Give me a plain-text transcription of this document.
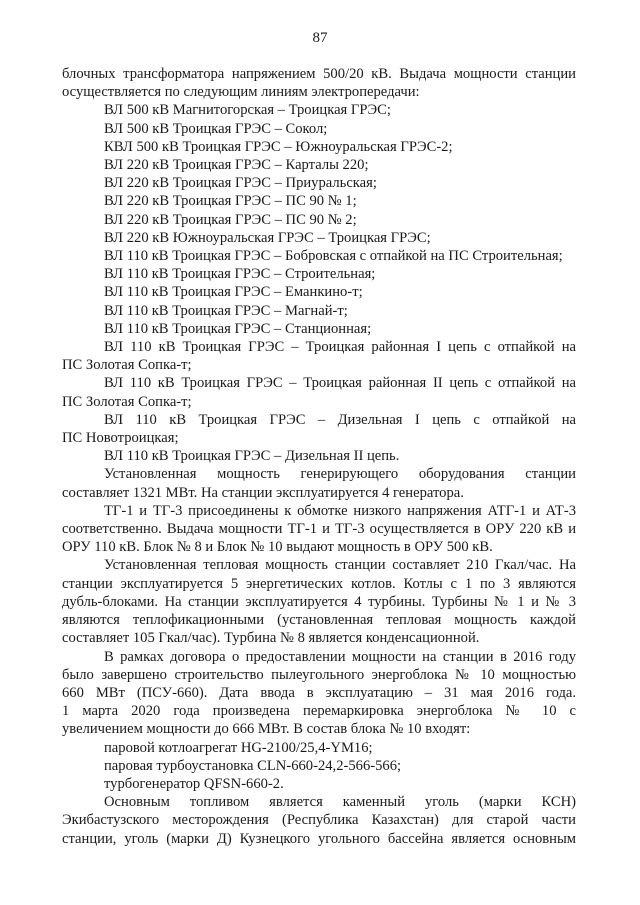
87

блочных трансформатора напряжением 500/20 кВ. Выдача мощности станции

осуществляется по следующим линиям электропередачи:

ВЛ 500 кВ Магнитогорская – Троицкая ГРЭС;

ВЛ 500 кВ Троицкая ГРЭС – Сокол;

КВЛ 500 кВ Троицкая ГРЭС – Южноуральская ГРЭС-2;

ВЛ 220 кВ Троицкая ГРЭС – Карталы 220;

ВЛ 220 кВ Троицкая ГРЭС – Приуральская;

ВЛ 220 кВ Троицкая ГРЭС – ПС 90 № 1;

ВЛ 220 кВ Троицкая ГРЭС – ПС 90 № 2;

ВЛ 220 кВ Южноуральская ГРЭС – Троицкая ГРЭС;

ВЛ 110 кВ Троицкая ГРЭС – Бобровская с отпайкой на ПС Строительная;

ВЛ 110 кВ Троицкая ГРЭС – Строительная;

ВЛ 110 кВ Троицкая ГРЭС – Еманкино-т;

ВЛ 110 кВ Троицкая ГРЭС – Магнай-т;

ВЛ 110 кВ Троицкая ГРЭС – Станционная;

ВЛ 110 кВ Троицкая ГРЭС – Троицкая районная I цепь с отпайкой на

ПС Золотая Сопка-т;

ВЛ 110 кВ Троицкая ГРЭС – Троицкая районная II цепь с отпайкой на

ПС Золотая Сопка-т;

ВЛ 110 кВ Троицкая ГРЭС – Дизельная I цепь с отпайкой на

ПС Новотроицкая;

ВЛ 110 кВ Троицкая ГРЭС – Дизельная II цепь.

Установленная мощность генерирующего оборудования станции

составляет 1321 МВт. На станции эксплуатируется 4 генератора.

ТГ-1 и ТГ-3 присоединены к обмотке низкого напряжения АТГ-1 и АТ-3

соответственно. Выдача мощности ТГ-1 и ТГ-3 осуществляется в ОРУ 220 кВ и

ОРУ 110 кВ. Блок № 8 и Блок № 10 выдают мощность в ОРУ 500 кВ.

Установленная тепловая мощность станции составляет 210 Гкал/час. На

станции эксплуатируется 5 энергетических котлов. Котлы с 1 по 3 являются

дубль-блоками. На станции эксплуатируется 4 турбины. Турбины № 1 и № 3

являются теплофикационными (установленная тепловая мощность каждой

составляет 105 Гкал/час). Турбина № 8 является конденсационной.

В рамках договора о предоставлении мощности на станции в 2016 году

было завершено строительство пылеугольного энергоблока № 10 мощностью

660 МВт (ПСУ-660). Дата ввода в эксплуатацию – 31 мая 2016 года.

1 марта 2020 года произведена перемаркировка энергоблока № 10 с

увеличением мощности до 666 МВт. В состав блока № 10 входят:

паровой котлоагрегат HG-2100/25,4-YM16;

паровая турбоустановка CLN-660-24,2-566-566;

турбогенератор QFSN-660-2.

Основным топливом является каменный уголь (марки КСН)

Экибастузского месторождения (Республика Казахстан) для старой части

станции, уголь (марки Д) Кузнецкого угольного бассейна является основным
